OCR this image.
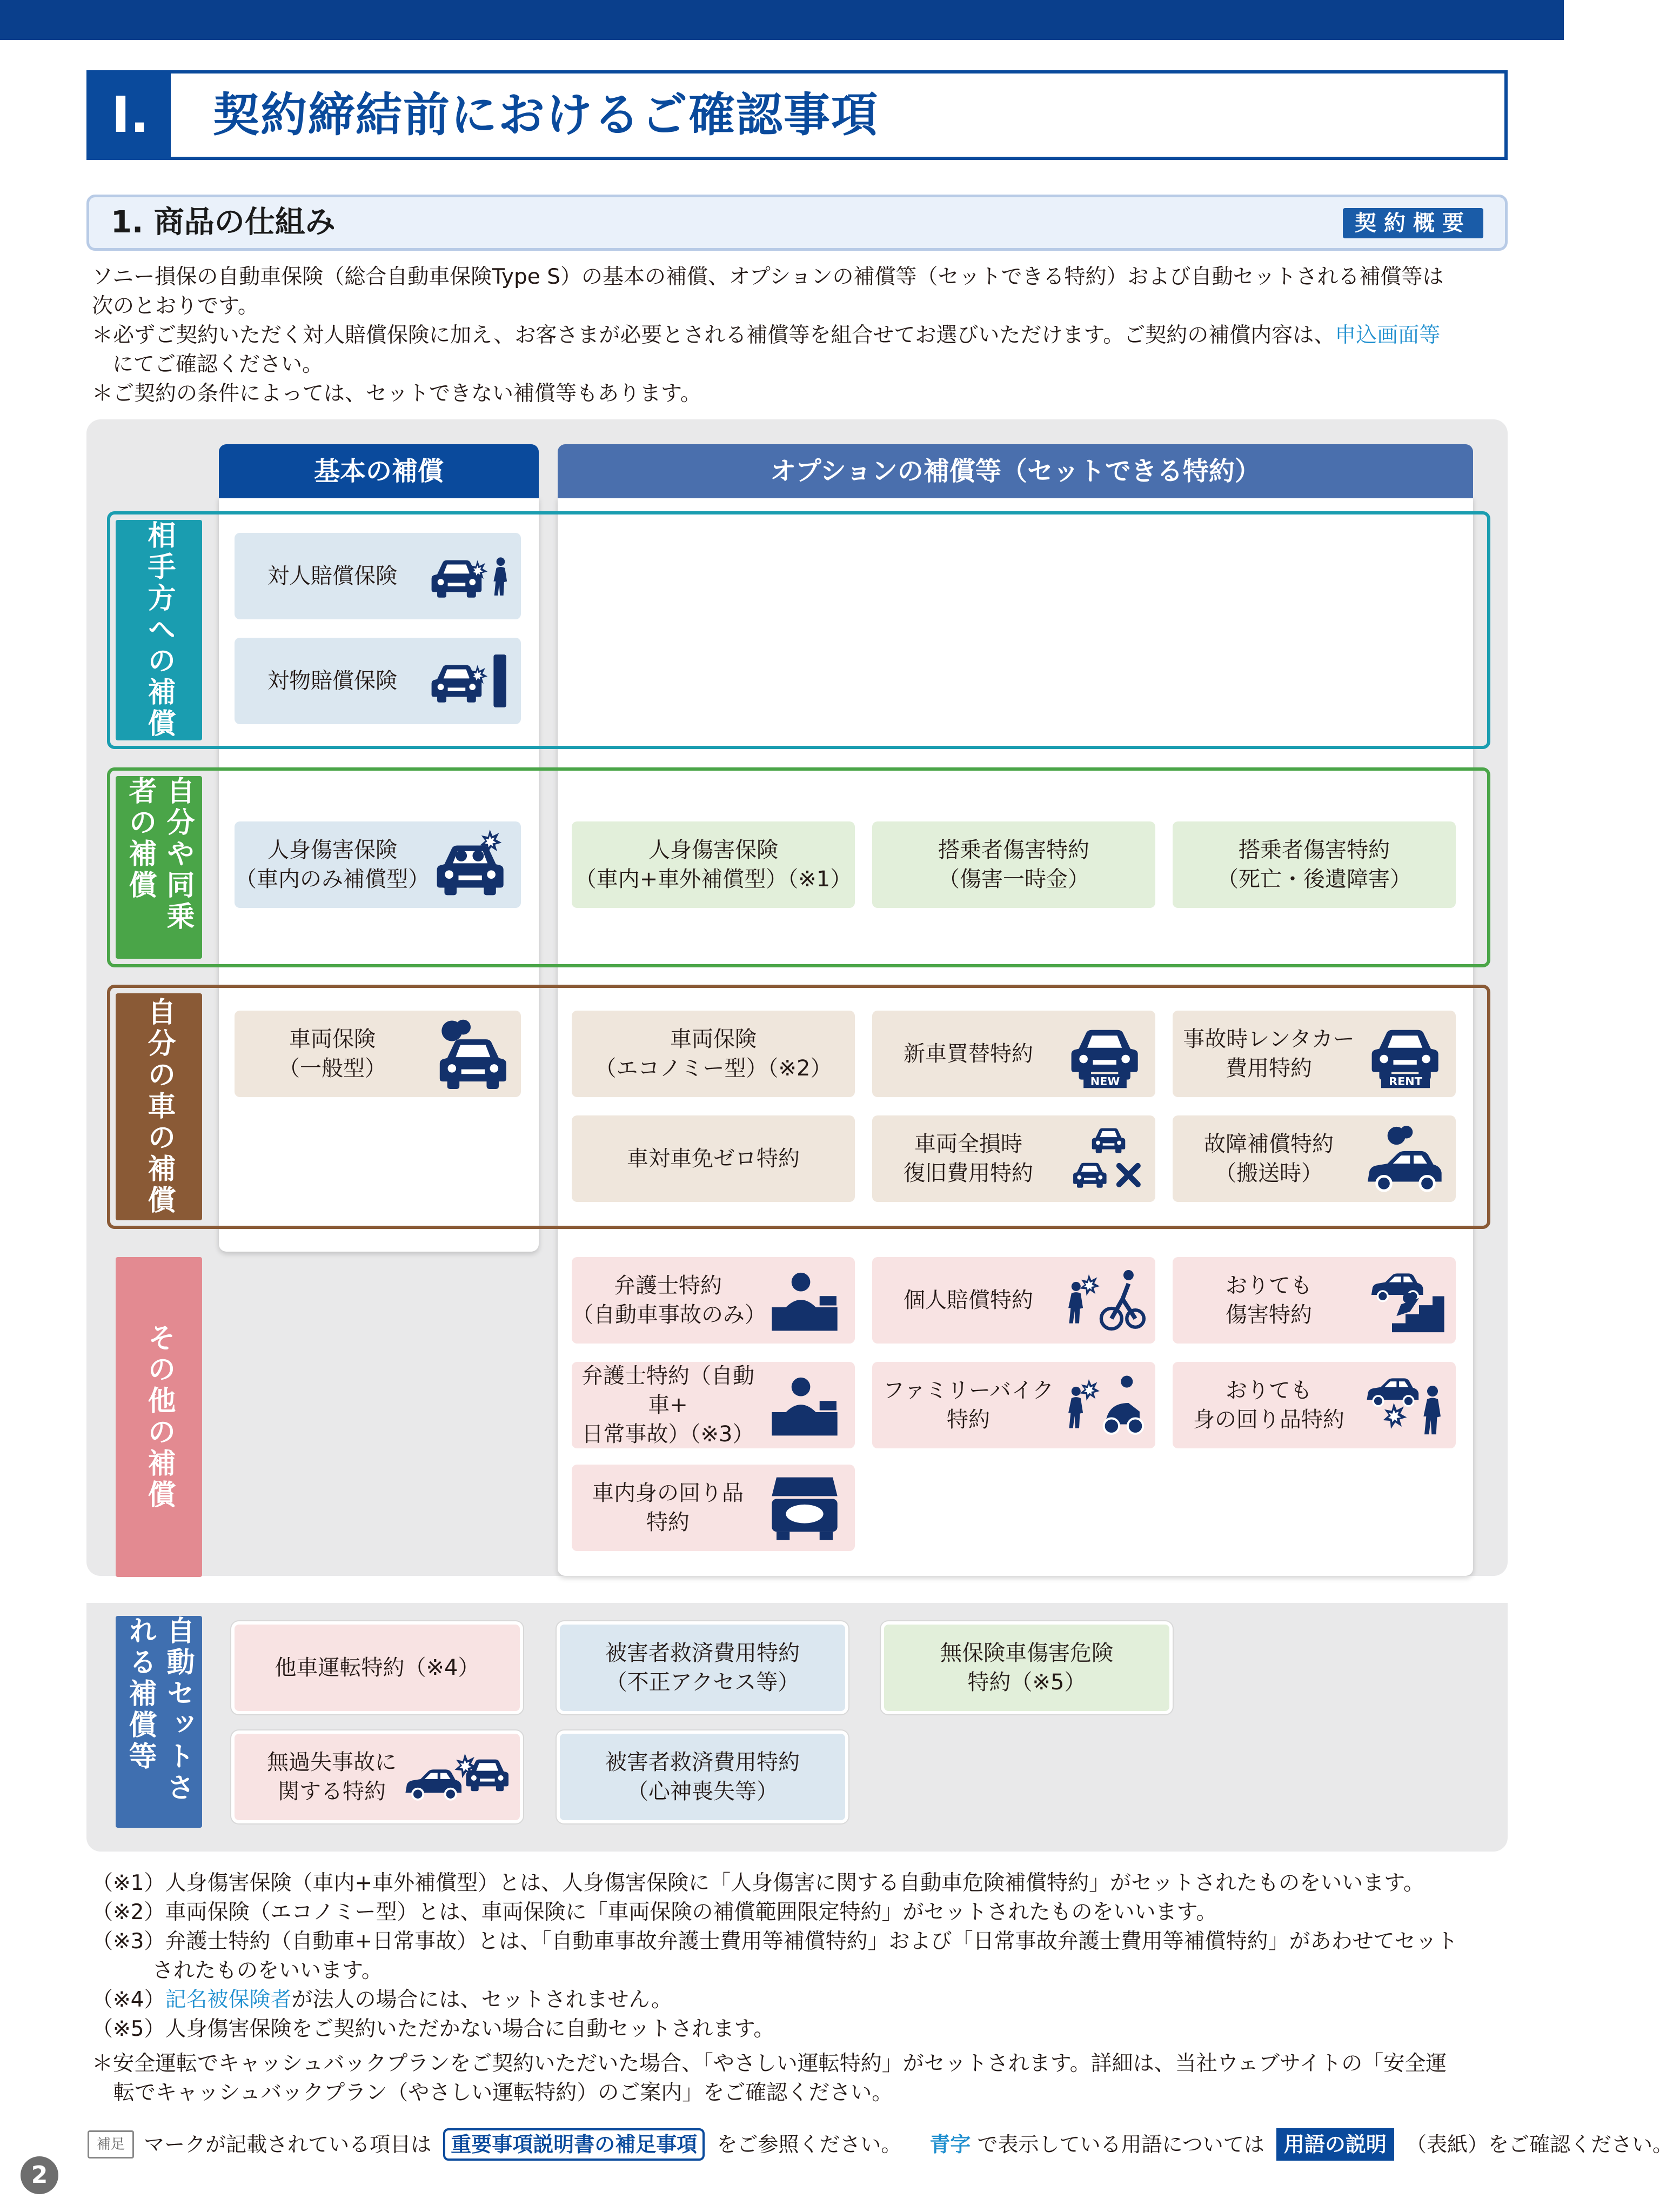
Ⅰ.	契約締結前におけるご確認事項
1. 商品の仕組み	契約概要

ソニー損保の自動車保険（総合自動車保険Type S）の基本の補償、オプションの補償等（セットできる特約）および自動セットされる補償等は

次のとおりです。

＊必ずご契約いただく対人賠償保険に加え、お客さまが必要とされる補償等を組合せてお選びいただけます。ご契約の補償内容は、申込画面等

にてご確認ください。

＊ご契約の条件によっては、セットできない補償等もあります。

基本の補償	オプションの補償等（セットできる特約）
相手方への補償
自分や同乗者の補償
自分の車の補償
その他の補償
対人賠償保険
対物賠償保険
人身傷害保険
（車内のみ補償型）
人身傷害保険
（車内+車外補償型）（※1）
搭乗者傷害特約
（傷害一時金）
搭乗者傷害特約
（死亡・後遺障害）
車両保険
（一般型）
車両保険
（エコノミー型）（※2）
新車買替特約
NEW
事故時レンタカー
費用特約
RENT
車対車免ゼロ特約
車両全損時
復旧費用特約
故障補償特約
（搬送時）
弁護士特約
（自動車事故のみ）
個人賠償特約
おりても
傷害特約
弁護士特約（自動車+
日常事故）（※3）
ファミリーバイク
特約
おりても
身の回り品特約
車内身の回り品
特約
自動セットされる補償等	他車運転特約（※4）
被害者救済費用特約
（不正アクセス等）
無保険車傷害危険
特約（※5）
無過失事故に
関する特約
被害者救済費用特約
（心神喪失等）

（※1）人身傷害保険（車内+車外補償型）とは、人身傷害保険に「人身傷害に関する自動車危険補償特約」がセットされたものをいいます。

（※2）車両保険（エコノミー型）とは、車両保険に「車両保険の補償範囲限定特約」がセットされたものをいいます。

（※3）弁護士特約（自動車+日常事故）とは、「自動車事故弁護士費用等補償特約」および「日常事故弁護士費用等補償特約」があわせてセット

されたものをいいます。

（※4）記名被保険者が法人の場合には、セットされません。

（※5）人身傷害保険をご契約いただかない場合に自動セットされます。

＊安全運転でキャッシュバックプランをご契約いただいた場合、「やさしい運転特約」がセットされます。詳細は、当社ウェブサイトの「安全運

転でキャッシュバックプラン（やさしい運転特約）のご案内」をご確認ください。

補足 マークが記載されている項目は 重要事項説明書の補足事項 をご参照ください。 青字 で表示している用語については 用語の説明 （表紙）をご確認ください。
2
